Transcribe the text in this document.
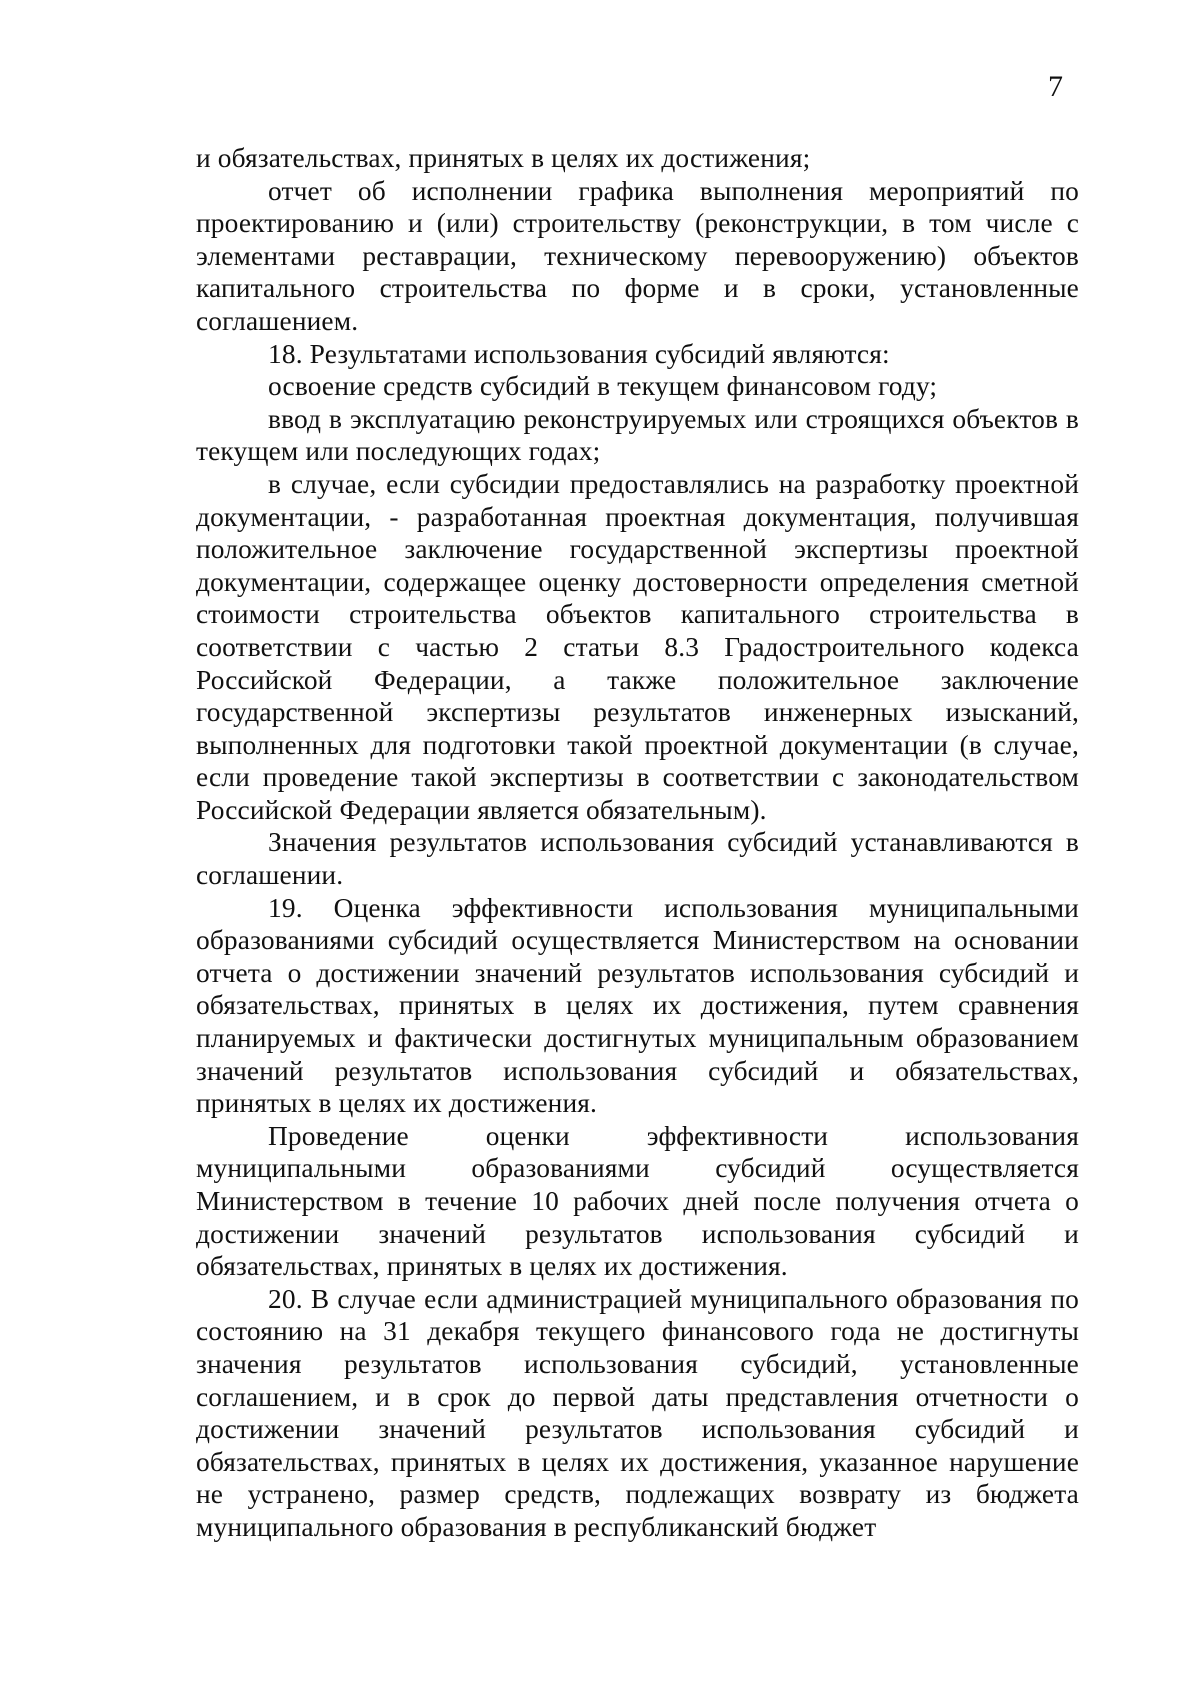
7

и обязательствах, принятых в целях их достижения;

отчет об исполнении графика выполнения мероприятий по проектированию и (или) строительству (реконструкции, в том числе с элементами реставрации, техническому перевооружению) объектов капитального строительства по форме и в сроки, установленные соглашением.

18. Результатами использования субсидий являются:

освоение средств субсидий в текущем финансовом году;

ввод в эксплуатацию реконструируемых или строящихся объектов в текущем или последующих годах;

в случае, если субсидии предоставлялись на разработку проектной документации, - разработанная проектная документация, получившая положительное заключение государственной экспертизы проектной документации, содержащее оценку достоверности определения сметной стоимости строительства объектов капитального строительства в соответствии с частью 2 статьи 8.3 Градостроительного кодекса Российской Федерации, а также положительное заключение государственной экспертизы результатов инженерных изысканий, выполненных для подготовки такой проектной документации (в случае, если проведение такой экспертизы в соответствии с законодательством Российской Федерации является обязательным).

Значения результатов использования субсидий устанавливаются в соглашении.

19. Оценка эффективности использования муниципальными образованиями субсидий осуществляется Министерством на основании отчета о достижении значений результатов использования субсидий и обязательствах, принятых в целях их достижения, путем сравнения планируемых и фактически достигнутых муниципальным образованием значений результатов использования субсидий и обязательствах, принятых в целях их достижения.

Проведение оценки эффективности использования муниципальными образованиями субсидий осуществляется Министерством в течение 10 рабочих дней после получения отчета о достижении значений результатов использования субсидий и обязательствах, принятых в целях их достижения.

20. В случае если администрацией муниципального образования по состоянию на 31 декабря текущего финансового года не достигнуты значения результатов использования субсидий, установленные соглашением, и в срок до первой даты представления отчетности о достижении значений результатов использования субсидий и обязательствах, принятых в целях их достижения, указанное нарушение не устранено, размер средств, подлежащих возврату из бюджета муниципального образования в республиканский бюджет
